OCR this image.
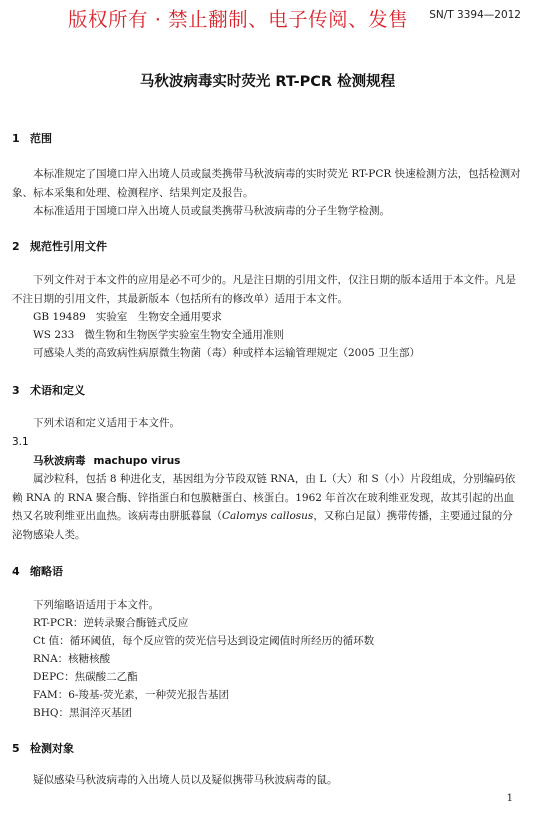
版权所有 · 禁止翻制、电子传阅、发售 SN/T 3394—2012
马秋波病毒实时荧光 RT-PCR 检测规程
1 范围
本标准规定了国境口岸入出境人员或鼠类携带马秋波病毒的实时荧光 RT-PCR 快速检测方法，包括检测对象、标本采集和处理、检测程序、结果判定及报告。
本标准适用于国境口岸入出境人员或鼠类携带马秋波病毒的分子生物学检测。
2 规范性引用文件
下列文件对于本文件的应用是必不可少的。凡是注日期的引用文件，仅注日期的版本适用于本文件。凡是不注日期的引用文件，其最新版本（包括所有的修改单）适用于本文件。
GB 19489 实验室　生物安全通用要求
WS 233 微生物和生物医学实验室生物安全通用准则
可感染人类的高致病性病原微生物菌（毒）种或样本运输管理规定（2005 卫生部）
3 术语和定义
下列术语和定义适用于本文件。
3.1
马秋波病毒 machupo virus
属沙粒科，包括 8 种进化支，基因组为分节段双链 RNA，由 L（大）和 S（小）片段组成，分别编码依赖 RNA 的 RNA 聚合酶、锌指蛋白和包膜糖蛋白、核蛋白。1962 年首次在玻利维亚发现，故其引起的出血热又名玻利维亚出血热。该病毒由胼胝暮鼠（Calomys callosus，又称白足鼠）携带传播，主要通过鼠的分泌物感染人类。
4 缩略语
下列缩略语适用于本文件。
RT-PCR：逆转录聚合酶链式反应
Ct 值：循环阈值，每个反应管的荧光信号达到设定阈值时所经历的循环数
RNA：核糖核酸
DEPC：焦碳酸二乙酯
FAM：6-羧基-荧光素，一种荧光报告基团
BHQ：黑洞淬灭基团
5 检测对象
疑似感染马秋波病毒的入出境人员以及疑似携带马秋波病毒的鼠。
1
